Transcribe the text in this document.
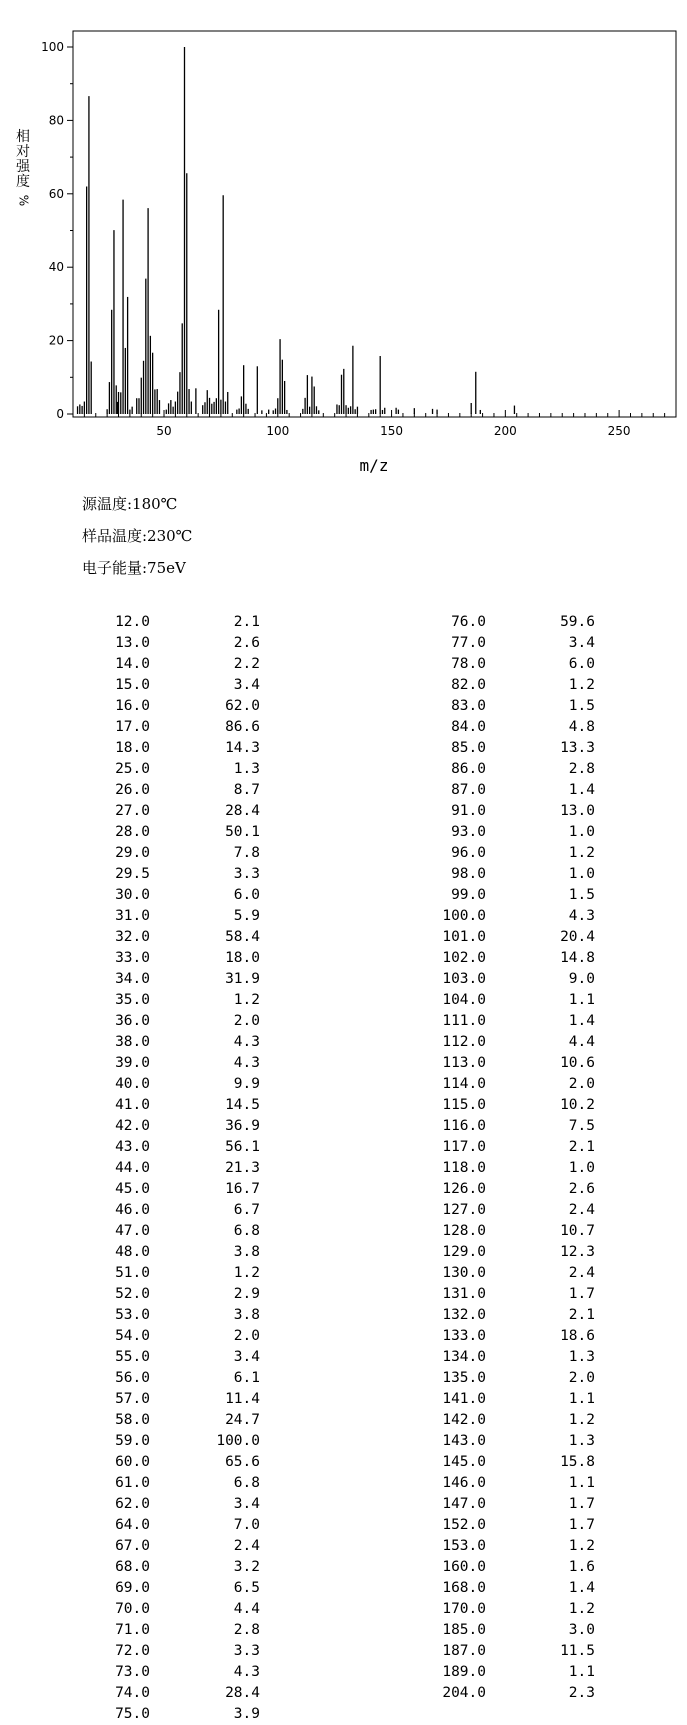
0
20
40
60
80
100
50	100	150	200	250
m/z
相
对
强
度
%
源温度:180℃
样品温度:230℃
电子能量:75eV
12.0	2.1
13.0	2.6
14.0	2.2
15.0	3.4
16.0	62.0
17.0	86.6
18.0	14.3
25.0	1.3
26.0	8.7
27.0	28.4
28.0	50.1
29.0	7.8
29.5	3.3
30.0	6.0
31.0	5.9
32.0	58.4
33.0	18.0
34.0	31.9
35.0	1.2
36.0	2.0
38.0	4.3
39.0	4.3
40.0	9.9
41.0	14.5
42.0	36.9
43.0	56.1
44.0	21.3
45.0	16.7
46.0	6.7
47.0	6.8
48.0	3.8
51.0	1.2
52.0	2.9
53.0	3.8
54.0	2.0
55.0	3.4
56.0	6.1
57.0	11.4
58.0	24.7
59.0	100.0
60.0	65.6
61.0	6.8
62.0	3.4
64.0	7.0
67.0	2.4
68.0	3.2
69.0	6.5
70.0	4.4
71.0	2.8
72.0	3.3
73.0	4.3
74.0	28.4
75.0	3.9
76.0	59.6
77.0	3.4
78.0	6.0
82.0	1.2
83.0	1.5
84.0	4.8
85.0	13.3
86.0	2.8
87.0	1.4
91.0	13.0
93.0	1.0
96.0	1.2
98.0	1.0
99.0	1.5
100.0	4.3
101.0	20.4
102.0	14.8
103.0	9.0
104.0	1.1
111.0	1.4
112.0	4.4
113.0	10.6
114.0	2.0
115.0	10.2
116.0	7.5
117.0	2.1
118.0	1.0
126.0	2.6
127.0	2.4
128.0	10.7
129.0	12.3
130.0	2.4
131.0	1.7
132.0	2.1
133.0	18.6
134.0	1.3
135.0	2.0
141.0	1.1
142.0	1.2
143.0	1.3
145.0	15.8
146.0	1.1
147.0	1.7
152.0	1.7
153.0	1.2
160.0	1.6
168.0	1.4
170.0	1.2
185.0	3.0
187.0	11.5
189.0	1.1
204.0	2.3
